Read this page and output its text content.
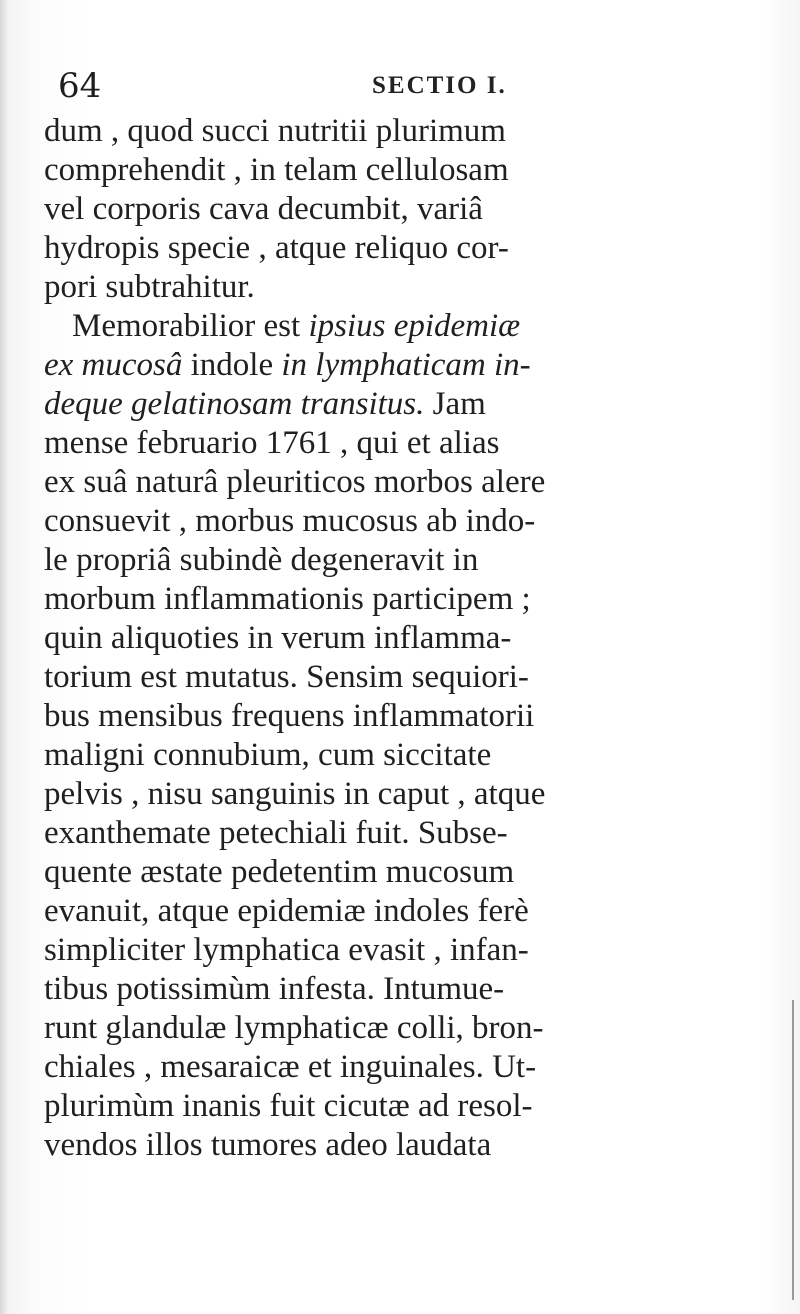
64	SECTIO I.
dum , quod succi nutritii plurimum
comprehendit , in telam cellulosam
vel corporis cava decumbit, variâ
hydropis specie , atque reliquo cor-
pori subtrahitur.
Memorabilior est ipsius epidemiæ
ex mucosâ indole in lymphaticam in-
deque gelatinosam transitus. Jam
mense februario 1761 , qui et alias
ex suâ naturâ pleuriticos morbos alere
consuevit , morbus mucosus ab indo-
le propriâ subindè degeneravit in
morbum inflammationis participem ;
quin aliquoties in verum inflamma-
torium est mutatus. Sensim sequiori-
bus mensibus frequens inflammatorii
maligni connubium, cum siccitate
pelvis , nisu sanguinis in caput , atque
exanthemate petechiali fuit. Subse-
quente æstate pedetentim mucosum
evanuit, atque epidemiæ indoles ferè
simpliciter lymphatica evasit , infan-
tibus potissimùm infesta. Intumue-
runt glandulæ lymphaticæ colli, bron-
chiales , mesaraicæ et inguinales. Ut-
plurimùm inanis fuit cicutæ ad resol-
vendos illos tumores adeo laudata
